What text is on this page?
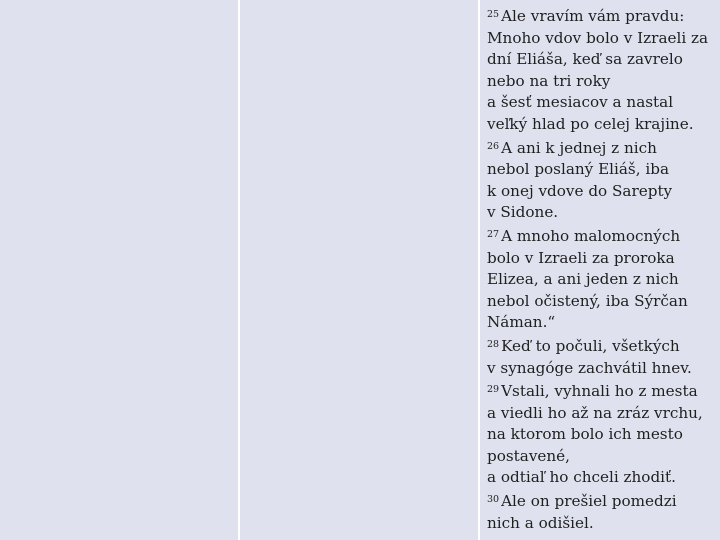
$^{25}$ Ale vravím vám pravdu:
Mnoho vdov bolo v Izraeli za
dní Eliáša, keď sa zavrelo
nebo na tri roky
a šesť mesiacov a nastal
veľký hlad po celej krajine.
$^{26}$ A ani k jednej z nich
nebol poslaný Eliáš, iba
k onej vdove do Sarepty
v Sidone.
$^{27}$ A mnoho malomocných
bolo v Izraeli za proroka
Elizea, a ani jeden z nich
nebol očistený, iba Sýrčan
Náman.“
$^{28}$ Keď to počuli, všetkých
v synagóge zachvátil hnev.
$^{29}$ Vstali, vyhnali ho z mesta
a viedli ho až na zráz vrchu,
na ktorom bolo ich mesto
postavené,
a odtiaľ ho chceli zhodiť.
$^{30}$ Ale on prešiel pomedzi
nich a odišiel.
